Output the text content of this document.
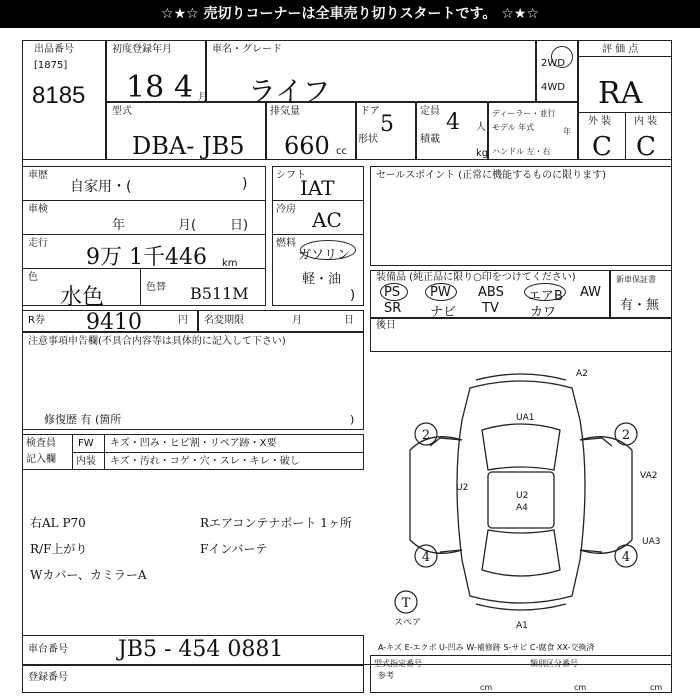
☆★☆ 売切りコーナーは全車売り切りスタートです。 ☆★☆
出品番号
[1875]
8185
初度登録年月
18 4 月
車名・グレード
ライフ
2WD
4WD
評 価 点
RA
外 装 内 装
C C
型式
DBA- JB5
排気量
660 cc
ドア
5
形状
定員 4 人
積載
kg
ディーラー・並行
モデル 年式	年
ハンドル 左・右
車歴
自家用・(	)
車検
年	月(	日)
走行
9万 1千446 km
色
水色	色替 B511M
シフト
IAT
冷房 AC
燃料
ガソリン
軽・油
)
セールスポイント (正常に機能するものに限ります)
装備品 (純正品に限り○印をつけてください)
PS PW ABS エアB AW
SR ナビ TV カワ
新車保証書
有・無
R券 9410	円 名変期限	月	日 後日
注意事項申告欄(不具合内容等は具体的に記入して下さい)
修復歴 有 (箇所	)
検査員
記入欄
FW キズ・凹み・ヒビ割・リペア跡・X要
内装 キズ・汚れ・コゲ・穴・スレ・キレ・破し
右AL P70
R/F上がり
Wカバー、カミラーA
Rエアコンテナポート 1ヶ所
Fインバーテ
2	2
4	4
T
A2
UA1
VA2
U2
U2
A4
UA3
A1
スペア
車台番号 JB5 - 454 0881
登録番号
A-キズ E-エクボ U-凹み W-補修跡 S-サビ C-腐食 XX-交換済
型式指定番号	類別区分番号
参考
cm	cm	cm
